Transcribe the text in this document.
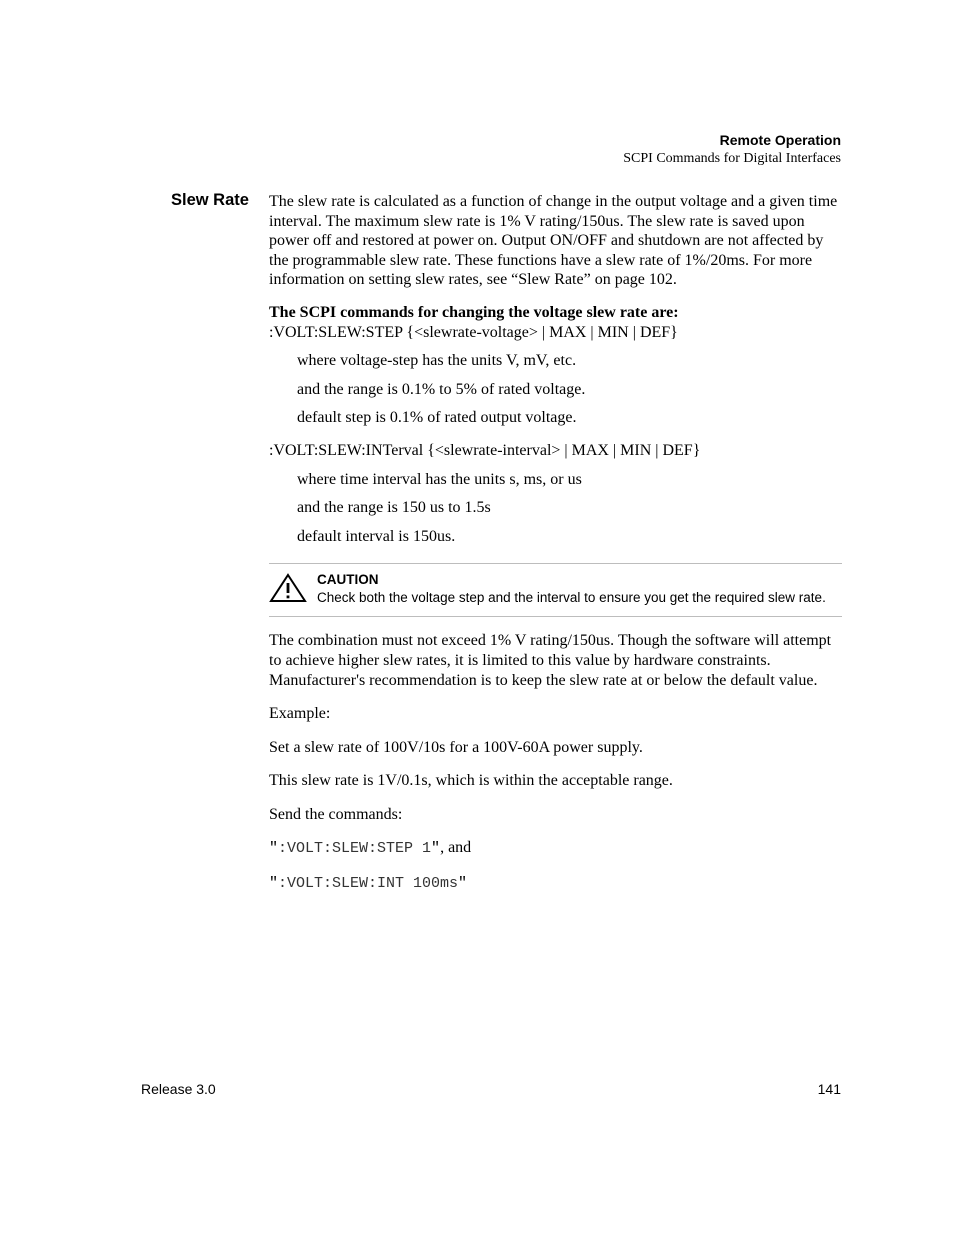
Remote Operation
SCPI Commands for Digital Interfaces
Slew Rate The slew rate is calculated as a function of change in the output voltage and a given time interval. The maximum slew rate is 1% V rating/150us. The slew rate is saved upon power off and restored at power on. Output ON/OFF and shutdown are not affected by the programmable slew rate. These functions have a slew rate of 1%/20ms. For more information on setting slew rates, see “Slew Rate” on page 102.

The SCPI commands for changing the voltage slew rate are:

:VOLT:SLEW:STEP {<slewrate-voltage> | MAX | MIN | DEF}

where voltage-step has the units V, mV, etc.

and the range is 0.1% to 5% of rated voltage.

default step is 0.1% of rated output voltage.

:VOLT:SLEW:INTerval {<slewrate-interval> | MAX | MIN | DEF}

where time interval has the units s, ms, or us

and the range is 150 us to 1.5s

default interval is 150us.

CAUTION
Check both the voltage step and the interval to ensure you get the required slew rate.

The combination must not exceed 1% V rating/150us. Though the software will attempt to achieve higher slew rates, it is limited to this value by hardware constraints. Manufacturer's recommendation is to keep the slew rate at or below the default value.

Example:

Set a slew rate of 100V/10s for a 100V-60A power supply.

This slew rate is 1V/0.1s, which is within the acceptable range.

Send the commands:

":VOLT:SLEW:STEP 1", and

":VOLT:SLEW:INT 100ms"

Release 3.0	141
